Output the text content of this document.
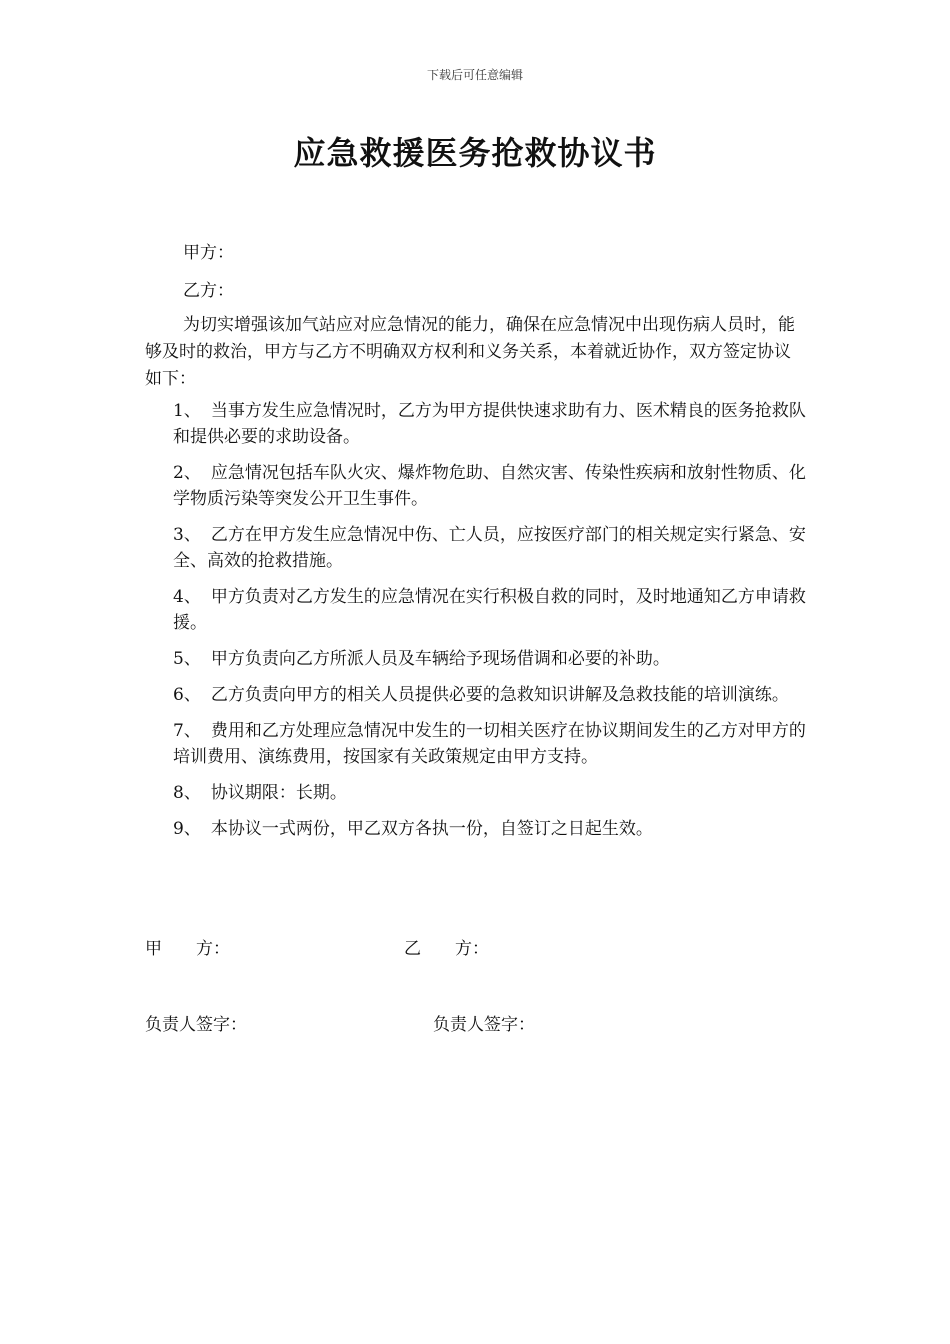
下载后可任意编辑
应急救援医务抢救协议书
甲方：
乙方：
为切实增强该加气站应对应急情况的能力，确保在应急情况中出现伤病人员时，能够及时的救治，甲方与乙方不明确双方权利和义务关系，本着就近协作，双方签定协议如下：
1、 当事方发生应急情况时，乙方为甲方提供快速求助有力、医术精良的医务抢救队和提供必要的求助设备。
2、 应急情况包括车队火灾、爆炸物危助、自然灾害、传染性疾病和放射性物质、化学物质污染等突发公开卫生事件。
3、 乙方在甲方发生应急情况中伤、亡人员，应按医疗部门的相关规定实行紧急、安全、高效的抢救措施。
4、 甲方负责对乙方发生的应急情况在实行积极自救的同时，及时地通知乙方申请救援。
5、 甲方负责向乙方所派人员及车辆给予现场借调和必要的补助。
6、 乙方负责向甲方的相关人员提供必要的急救知识讲解及急救技能的培训演练。
7、 费用和乙方处理应急情况中发生的一切相关医疗在协议期间发生的乙方对甲方的培训费用、演练费用，按国家有关政策规定由甲方支持。
8、 协议期限：长期。
9、 本协议一式两份，甲乙双方各执一份，自签订之日起生效。
甲　　方：	乙　　方：
负责人签字：	负责人签字：
